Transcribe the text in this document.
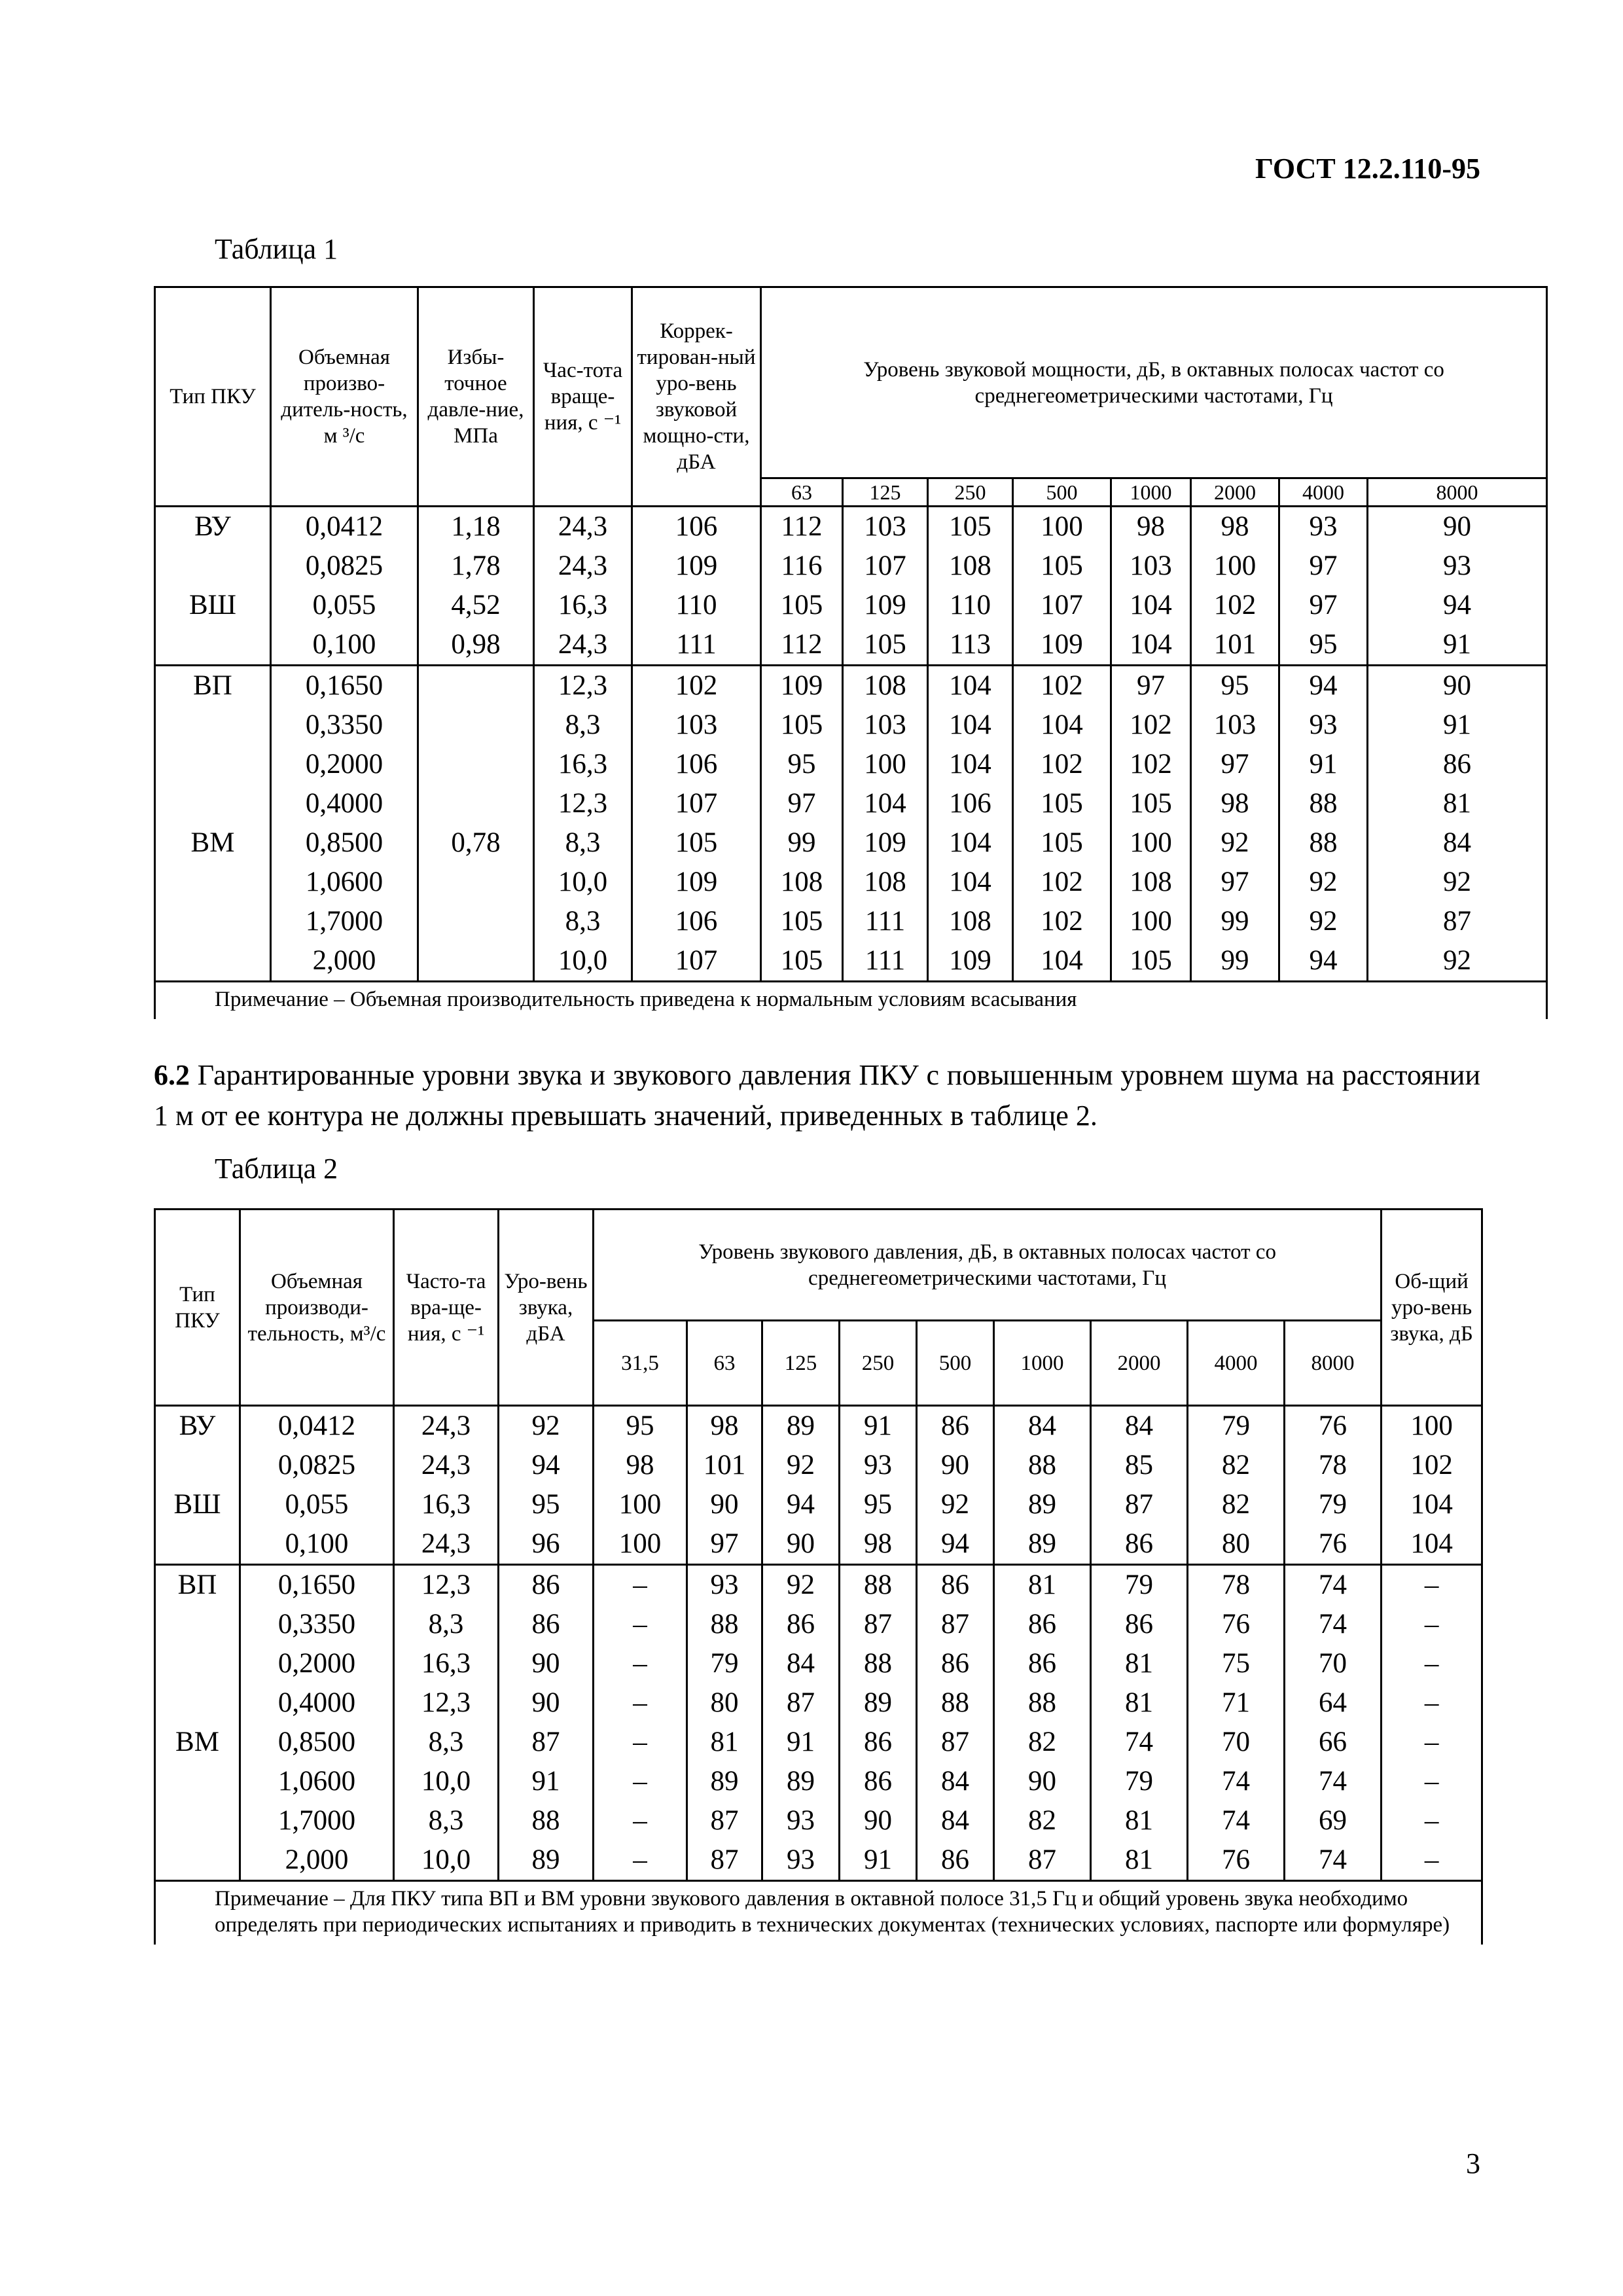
ГОСТ 12.2.110-95
Таблица 1
Тип ПКУ	Объемная произво-дитель-ность, м ³/с	Избы-точное давле-ние, МПа	Час-тота враще-ния, с ⁻¹	Коррек-тирован-ный уро-вень звуковой мощно-сти, дБА	Уровень звуковой мощности, дБ, в октавных полосах частот со среднегеометрическими частотами, Гц							
					63	125	250	500	1000	2000	4000	8000
ВУ	0,0412	1,18	24,3	106	112	103	105	100	98	98	93	90
	0,0825	1,78	24,3	109	116	107	108	105	103	100	97	93
ВШ	0,055	4,52	16,3	110	105	109	110	107	104	102	97	94
	0,100	0,98	24,3	111	112	105	113	109	104	101	95	91
ВП	0,1650		12,3	102	109	108	104	102	97	95	94	90
	0,3350		8,3	103	105	103	104	104	102	103	93	91
	0,2000		16,3	106	95	100	104	102	102	97	91	86
	0,4000		12,3	107	97	104	106	105	105	98	88	81
ВМ	0,8500	0,78	8,3	105	99	109	104	105	100	92	88	84
	1,0600		10,0	109	108	108	104	102	108	97	92	92
	1,7000		8,3	106	105	111	108	102	100	99	92	87
	2,000		10,0	107	105	111	109	104	105	99	94	92
Примечание – Объемная производительность приведена к нормальным условиям всасывания												
6.2 Гарантированные уровни звука и звукового давления ПКУ с повышенным уровнем шума на расстоянии 1 м от ее контура не должны превышать значений, приведенных в таблице 2.
Таблица 2
Тип ПКУ	Объемная производи-тельность, м³/с	Часто-та вра-ще-ния, с ⁻¹	Уро-вень звука, дБА	Уровень звукового давления, дБ, в октавных полосах частот со среднегеометрическими частотами, Гц									Об-щий уро-вень звука, дБ
				31,5	63	125	250	500	1000	2000	4000	8000	
ВУ	0,0412	24,3	92	95	98	89	91	86	84	84	79	76	100
	0,0825	24,3	94	98	101	92	93	90	88	85	82	78	102
ВШ	0,055	16,3	95	100	90	94	95	92	89	87	82	79	104
	0,100	24,3	96	100	97	90	98	94	89	86	80	76	104
ВП	0,1650	12,3	86	–	93	92	88	86	81	79	78	74	–
	0,3350	8,3	86	–	88	86	87	87	86	86	76	74	–
	0,2000	16,3	90	–	79	84	88	86	86	81	75	70	–
	0,4000	12,3	90	–	80	87	89	88	88	81	71	64	–
ВМ	0,8500	8,3	87	–	81	91	86	87	82	74	70	66	–
	1,0600	10,0	91	–	89	89	86	84	90	79	74	74	–
	1,7000	8,3	88	–	87	93	90	84	82	81	74	69	–
	2,000	10,0	89	–	87	93	91	86	87	81	76	74	–
Примечание – Для ПКУ типа ВП и ВМ уровни звукового давления в октавной полосе 31,5 Гц и общий уровень звука необходимо определять при периодических испытаниях и приводить в технических документах (технических условиях, паспорте или формуляре)													
3
